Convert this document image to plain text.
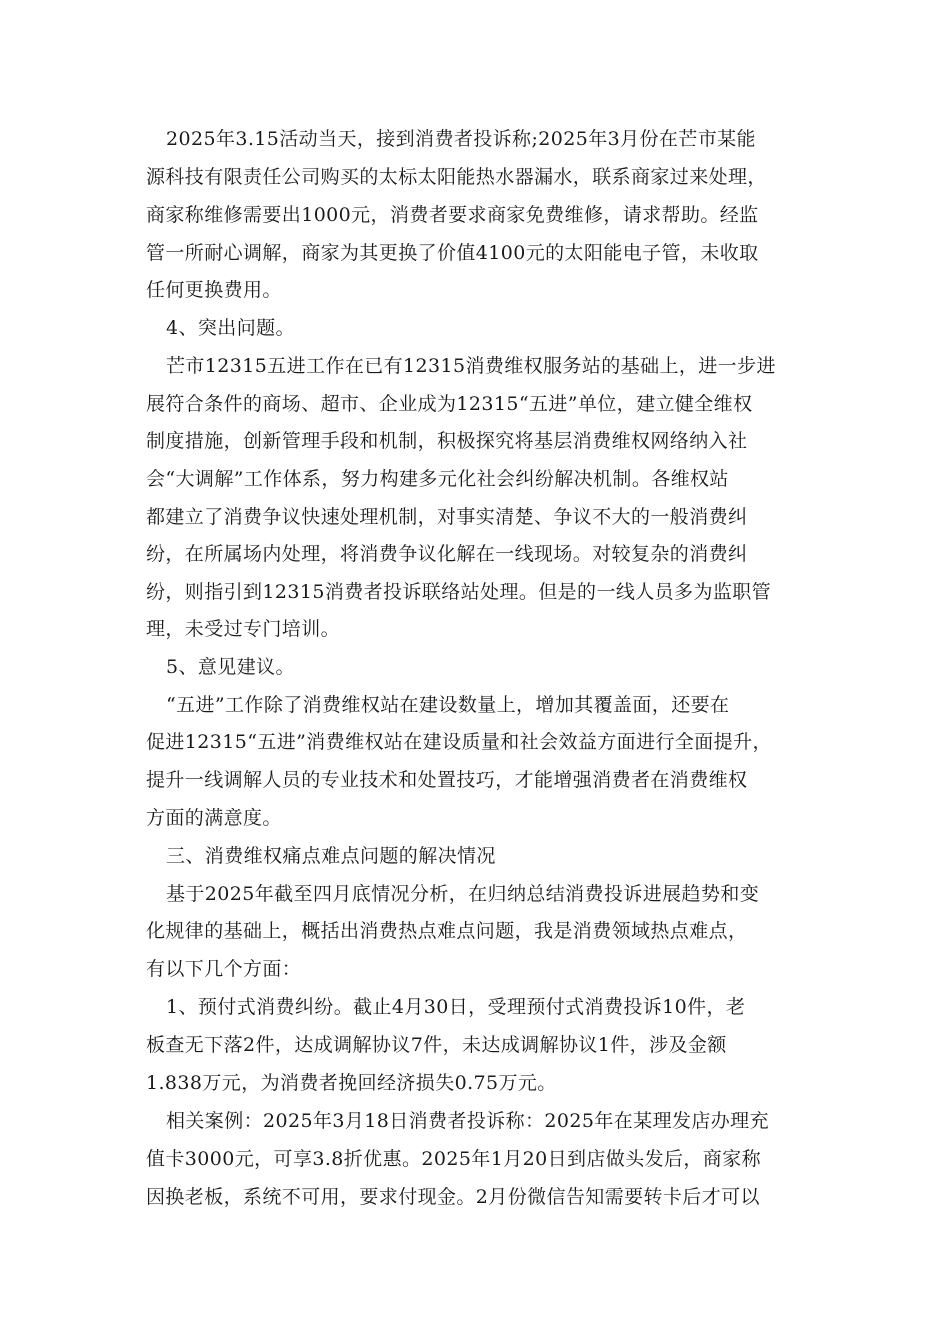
2025年3.15活动当天，接到消费者投诉称;2025年3月份在芒市某能
源科技有限责任公司购买的太标太阳能热水器漏水，联系商家过来处理，
商家称维修需要出1000元，消费者要求商家免费维修，请求帮助。经监
管一所耐心调解，商家为其更换了价值4100元的太阳能电子管，未收取
任何更换费用。
4、突出问题。
芒市12315五进工作在已有12315消费维权服务站的基础上，进一步进
展符合条件的商场、超市、企业成为12315“五进”单位，建立健全维权
制度措施，创新管理手段和机制，积极探究将基层消费维权网络纳入社
会“大调解”工作体系，努力构建多元化社会纠纷解决机制。各维权站
都建立了消费争议快速处理机制，对事实清楚、争议不大的一般消费纠
纷，在所属场内处理，将消费争议化解在一线现场。对较复杂的消费纠
纷，则指引到12315消费者投诉联络站处理。但是的一线人员多为监职管
理，未受过专门培训。
5、意见建议。
“五进”工作除了消费维权站在建设数量上，增加其覆盖面，还要在
促进12315“五进”消费维权站在建设质量和社会效益方面进行全面提升，
提升一线调解人员的专业技术和处置技巧，才能增强消费者在消费维权
方面的满意度。
三、消费维权痛点难点问题的解决情况
基于2025年截至四月底情况分析，在归纳总结消费投诉进展趋势和变
化规律的基础上，概括出消费热点难点问题，我是消费领域热点难点，
有以下几个方面：
1、预付式消费纠纷。截止4月30日，受理预付式消费投诉10件，老
板查无下落2件，达成调解协议7件，未达成调解协议1件，涉及金额
1.838万元，为消费者挽回经济损失0.75万元。
相关案例：2025年3月18日消费者投诉称：2025年在某理发店办理充
值卡3000元，可享3.8折优惠。2025年1月20日到店做头发后，商家称
因换老板，系统不可用，要求付现金。2月份微信告知需要转卡后才可以
